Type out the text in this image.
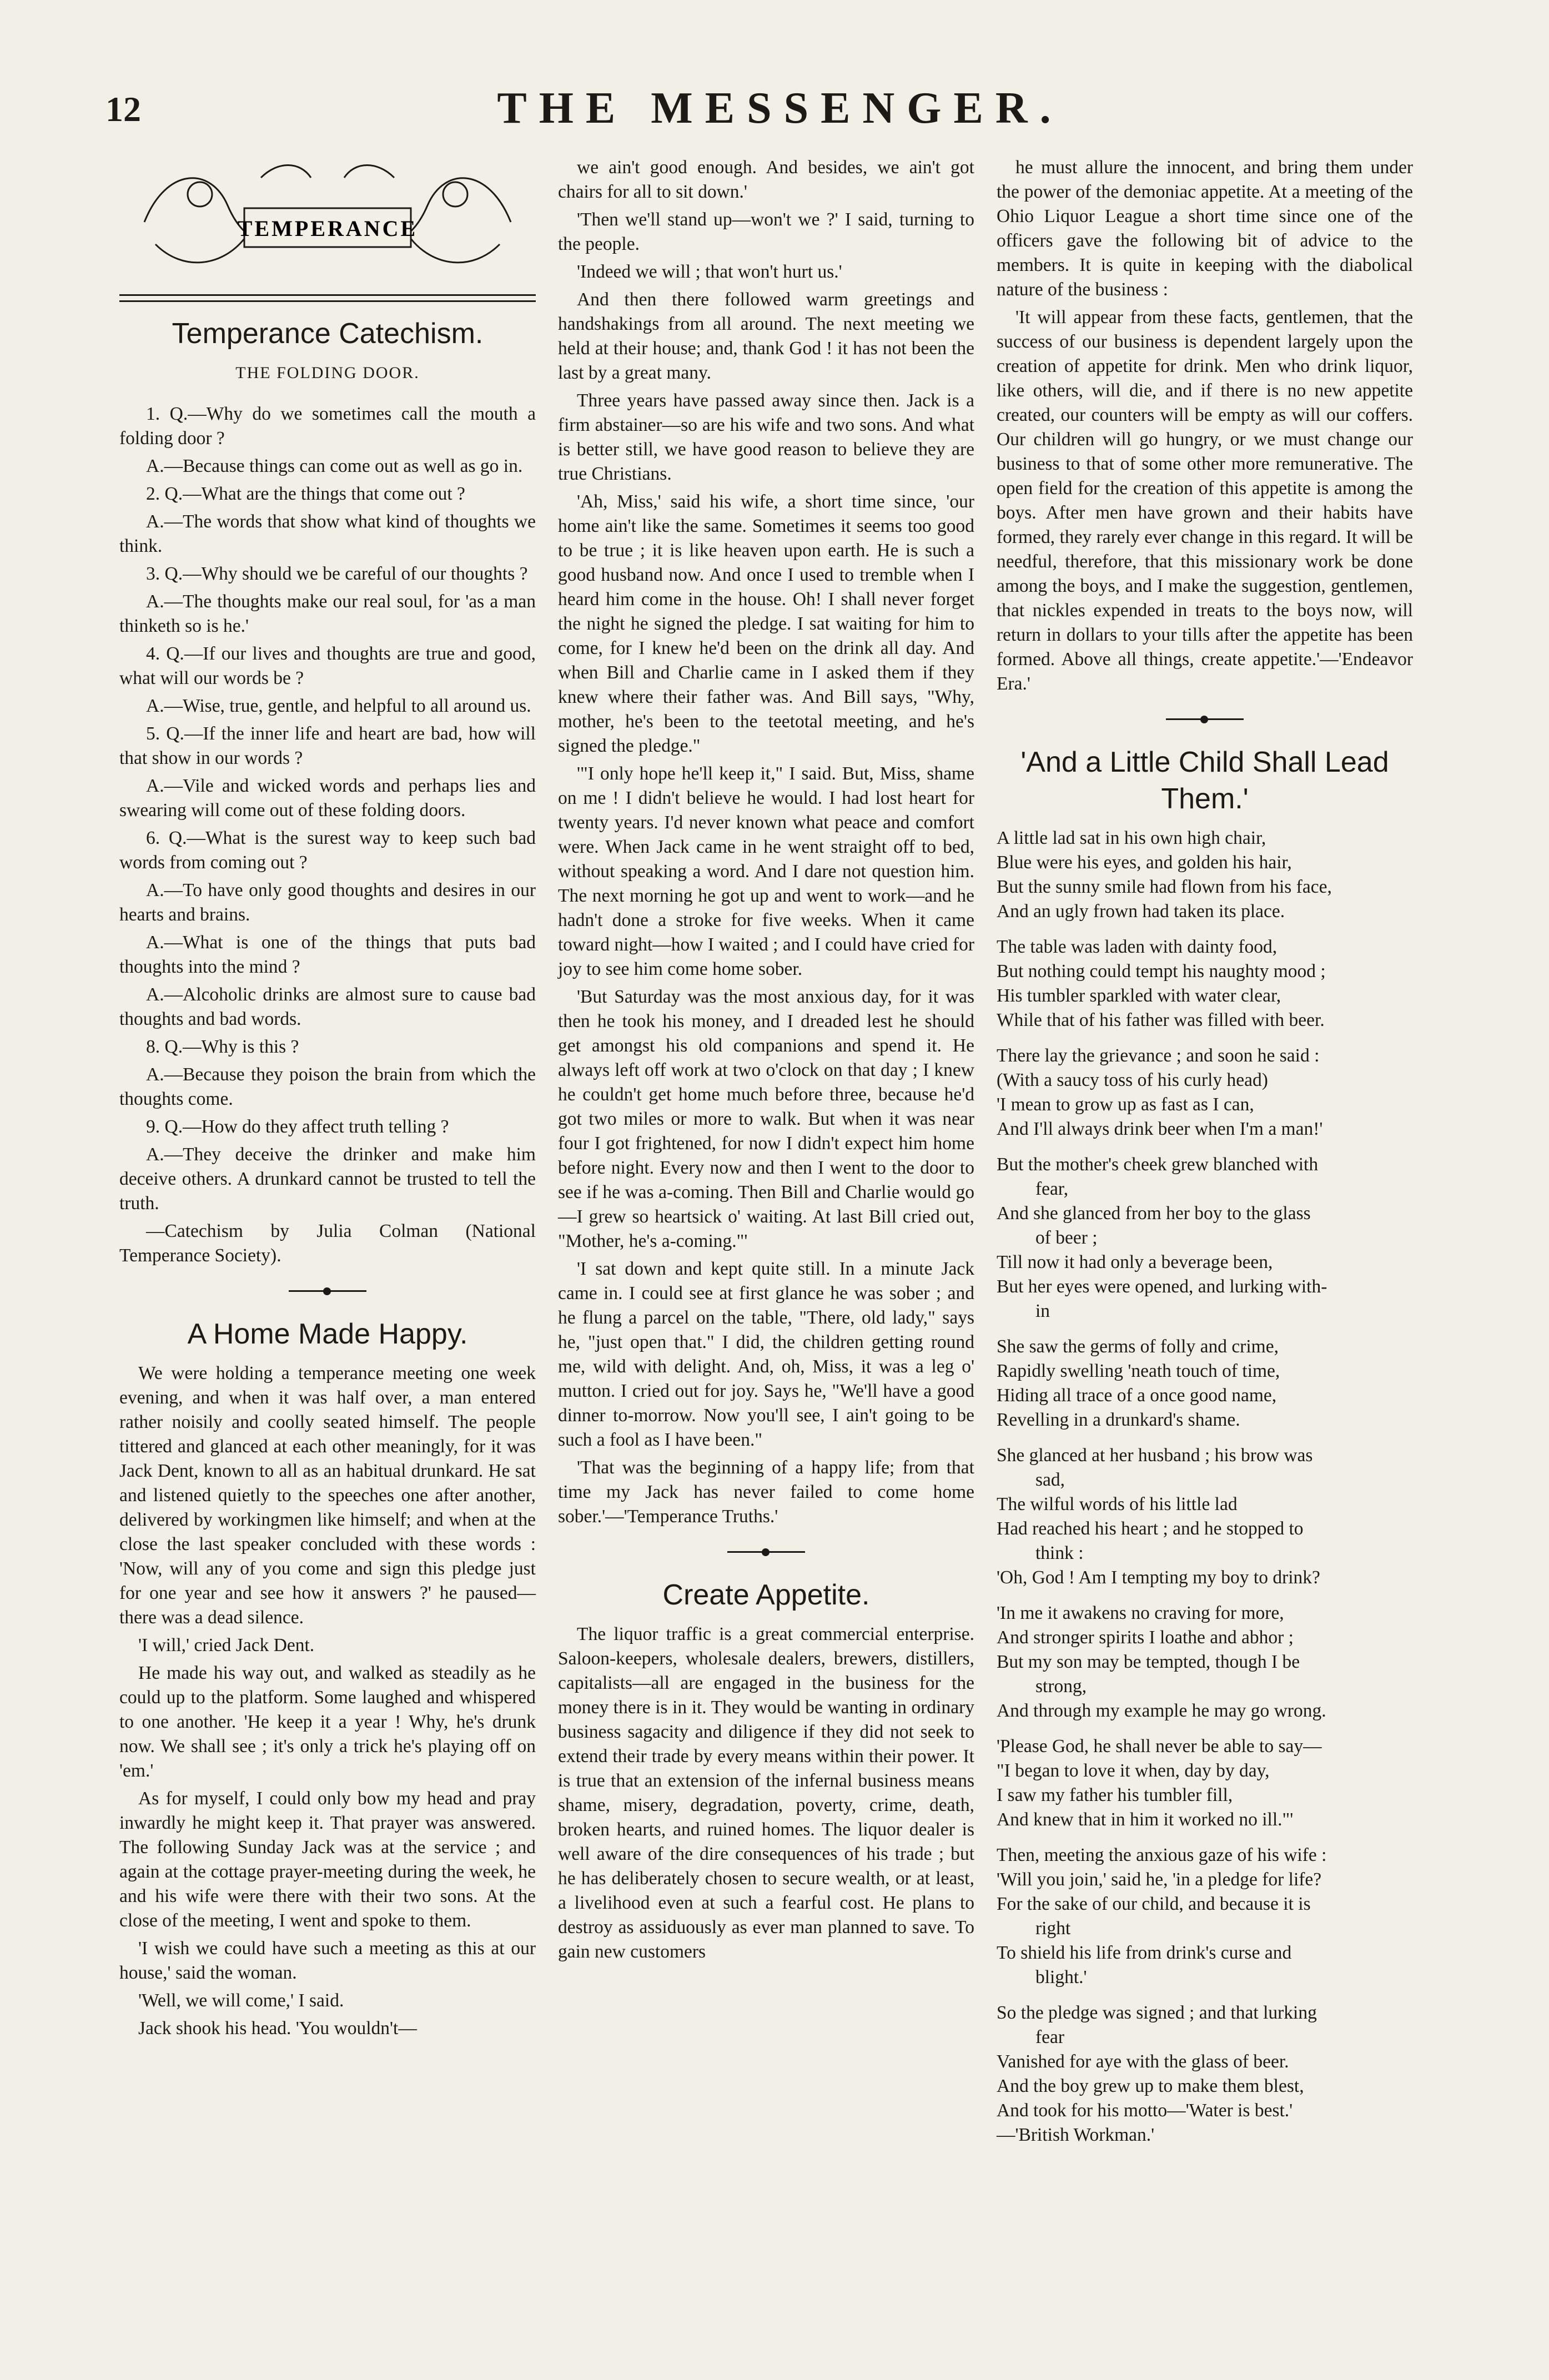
12	THE MESSENGER.
TEMPERANCE
Temperance Catechism.
THE FOLDING DOOR.

1. Q.—Why do we sometimes call the mouth a folding door ?

A.—Because things can come out as well as go in.

2. Q.—What are the things that come out ?

A.—The words that show what kind of thoughts we think.

3. Q.—Why should we be careful of our thoughts ?

A.—The thoughts make our real soul, for 'as a man thinketh so is he.'

4. Q.—If our lives and thoughts are true and good, what will our words be ?

A.—Wise, true, gentle, and helpful to all around us.

5. Q.—If the inner life and heart are bad, how will that show in our words ?

A.—Vile and wicked words and perhaps lies and swearing will come out of these folding doors.

6. Q.—What is the surest way to keep such bad words from coming out ?

A.—To have only good thoughts and desires in our hearts and brains.

A.—What is one of the things that puts bad thoughts into the mind ?

A.—Alcoholic drinks are almost sure to cause bad thoughts and bad words.

8. Q.—Why is this ?

A.—Because they poison the brain from which the thoughts come.

9. Q.—How do they affect truth telling ?

A.—They deceive the drinker and make him deceive others. A drunkard cannot be trusted to tell the truth.

—Catechism by Julia Colman (National Temperance Society).

A Home Made Happy.

We were holding a temperance meeting one week evening, and when it was half over, a man entered rather noisily and coolly seated himself. The people tittered and glanced at each other meaningly, for it was Jack Dent, known to all as an habitual drunkard. He sat and listened quietly to the speeches one after another, delivered by workingmen like himself; and when at the close the last speaker concluded with these words : 'Now, will any of you come and sign this pledge just for one year and see how it answers ?' he paused—there was a dead silence.

'I will,' cried Jack Dent.

He made his way out, and walked as steadily as he could up to the platform. Some laughed and whispered to one another. 'He keep it a year ! Why, he's drunk now. We shall see ; it's only a trick he's playing off on 'em.'

As for myself, I could only bow my head and pray inwardly he might keep it. That prayer was answered. The following Sunday Jack was at the service ; and again at the cottage prayer-meeting during the week, he and his wife were there with their two sons. At the close of the meeting, I went and spoke to them.

'I wish we could have such a meeting as this at our house,' said the woman.

'Well, we will come,' I said.

Jack shook his head. 'You wouldn't—

we ain't good enough. And besides, we ain't got chairs for all to sit down.'

'Then we'll stand up—won't we ?' I said, turning to the people.

'Indeed we will ; that won't hurt us.'

And then there followed warm greetings and handshakings from all around. The next meeting we held at their house; and, thank God ! it has not been the last by a great many.

Three years have passed away since then. Jack is a firm abstainer—so are his wife and two sons. And what is better still, we have good reason to believe they are true Christians.

'Ah, Miss,' said his wife, a short time since, 'our home ain't like the same. Sometimes it seems too good to be true ; it is like heaven upon earth. He is such a good husband now. And once I used to tremble when I heard him come in the house. Oh! I shall never forget the night he signed the pledge. I sat waiting for him to come, for I knew he'd been on the drink all day. And when Bill and Charlie came in I asked them if they knew where their father was. And Bill says, "Why, mother, he's been to the teetotal meeting, and he's signed the pledge."

'"I only hope he'll keep it," I said. But, Miss, shame on me ! I didn't believe he would. I had lost heart for twenty years. I'd never known what peace and comfort were. When Jack came in he went straight off to bed, without speaking a word. And I dare not question him. The next morning he got up and went to work—and he hadn't done a stroke for five weeks. When it came toward night—how I waited ; and I could have cried for joy to see him come home sober.

'But Saturday was the most anxious day, for it was then he took his money, and I dreaded lest he should get amongst his old companions and spend it. He always left off work at two o'clock on that day ; I knew he couldn't get home much before three, because he'd got two miles or more to walk. But when it was near four I got frightened, for now I didn't expect him home before night. Every now and then I went to the door to see if he was a-coming. Then Bill and Charlie would go—I grew so heartsick o' waiting. At last Bill cried out, "Mother, he's a-coming."'

'I sat down and kept quite still. In a minute Jack came in. I could see at first glance he was sober ; and he flung a parcel on the table, "There, old lady," says he, "just open that." I did, the children getting round me, wild with delight. And, oh, Miss, it was a leg o' mutton. I cried out for joy. Says he, "We'll have a good dinner to-morrow. Now you'll see, I ain't going to be such a fool as I have been."

'That was the beginning of a happy life; from that time my Jack has never failed to come home sober.'—'Temperance Truths.'

Create Appetite.

The liquor traffic is a great commercial enterprise. Saloon-keepers, wholesale dealers, brewers, distillers, capitalists—all are engaged in the business for the money there is in it. They would be wanting in ordinary business sagacity and diligence if they did not seek to extend their trade by every means within their power. It is true that an extension of the infernal business means shame, misery, degradation, poverty, crime, death, broken hearts, and ruined homes. The liquor dealer is well aware of the dire consequences of his trade ; but he has deliberately chosen to secure wealth, or at least, a livelihood even at such a fearful cost. He plans to destroy as assiduously as ever man planned to save. To gain new customers

he must allure the innocent, and bring them under the power of the demoniac appetite. At a meeting of the Ohio Liquor League a short time since one of the officers gave the following bit of advice to the members. It is quite in keeping with the diabolical nature of the business :

'It will appear from these facts, gentlemen, that the success of our business is dependent largely upon the creation of appetite for drink. Men who drink liquor, like others, will die, and if there is no new appetite created, our counters will be empty as will our coffers. Our children will go hungry, or we must change our business to that of some other more remunerative. The open field for the creation of this appetite is among the boys. After men have grown and their habits have formed, they rarely ever change in this regard. It will be needful, therefore, that this missionary work be done among the boys, and I make the suggestion, gentlemen, that nickles expended in treats to the boys now, will return in dollars to your tills after the appetite has been formed. Above all things, create appetite.'—'Endeavor Era.'

'And a Little Child Shall Lead Them.'
A little lad sat in his own high chair,
Blue were his eyes, and golden his hair,
But the sunny smile had flown from his face,
And an ugly frown had taken its place.
The table was laden with dainty food,
But nothing could tempt his naughty mood ;
His tumbler sparkled with water clear,
While that of his father was filled with beer.
There lay the grievance ; and soon he said :
(With a saucy toss of his curly head)
'I mean to grow up as fast as I can,
And I'll always drink beer when I'm a man!'
But the mother's cheek grew blanched with
fear,
And she glanced from her boy to the glass
of beer ;
Till now it had only a beverage been,
But her eyes were opened, and lurking with-
in
She saw the germs of folly and crime,
Rapidly swelling 'neath touch of time,
Hiding all trace of a once good name,
Revelling in a drunkard's shame.
She glanced at her husband ; his brow was
sad,
The wilful words of his little lad
Had reached his heart ; and he stopped to
think :
'Oh, God ! Am I tempting my boy to drink?
'In me it awakens no craving for more,
And stronger spirits I loathe and abhor ;
But my son may be tempted, though I be
strong,
And through my example he may go wrong.
'Please God, he shall never be able to say—
"I began to love it when, day by day,
I saw my father his tumbler fill,
And knew that in him it worked no ill."'
Then, meeting the anxious gaze of his wife :
'Will you join,' said he, 'in a pledge for life?
For the sake of our child, and because it is
right
To shield his life from drink's curse and
blight.'
So the pledge was signed ; and that lurking
fear
Vanished for aye with the glass of beer.
And the boy grew up to make them blest,
And took for his motto—'Water is best.'
—'British Workman.'
